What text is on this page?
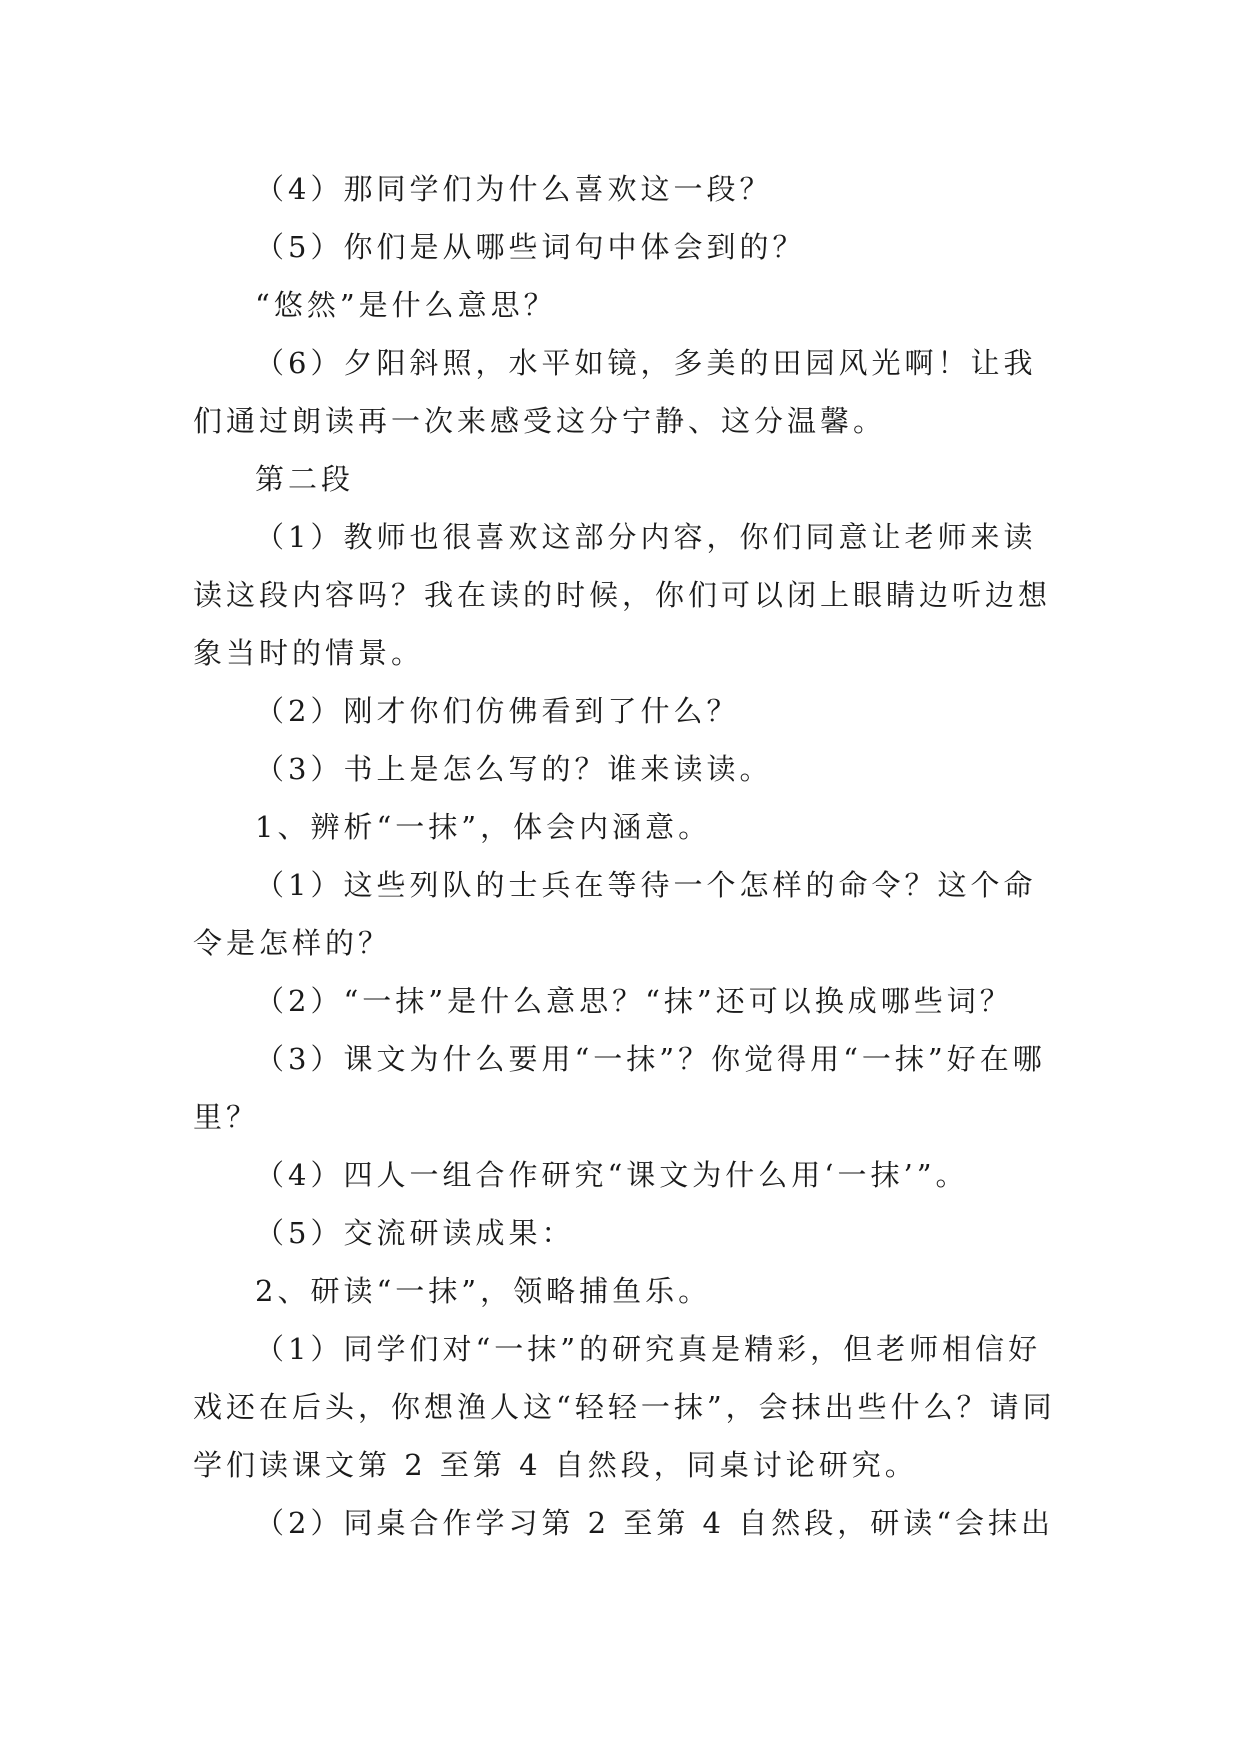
（4）那同学们为什么喜欢这一段？

（5）你们是从哪些词句中体会到的？

“悠然”是什么意思？

（6）夕阳斜照，水平如镜，多美的田园风光啊！让我们通过朗读再一次来感受这分宁静、这分温馨。

第二段

（1）教师也很喜欢这部分内容，你们同意让老师来读读这段内容吗？我在读的时候，你们可以闭上眼睛边听边想象当时的情景。

（2）刚才你们仿佛看到了什么？

（3）书上是怎么写的？谁来读读。

1、辨析“一抹”，体会内涵意。

（1）这些列队的士兵在等待一个怎样的命令？这个命令是怎样的？

（2）“一抹”是什么意思？“抹”还可以换成哪些词？

（3）课文为什么要用“一抹”？你觉得用“一抹”好在哪里？

（4）四人一组合作研究“课文为什么用‘一抹’”。

（5）交流研读成果：

2、研读“一抹”，领略捕鱼乐。

（1）同学们对“一抹”的研究真是精彩，但老师相信好戏还在后头，你想渔人这“轻轻一抹”，会抹出些什么？请同学们读课文第 2 至第 4 自然段，同桌讨论研究。

（2）同桌合作学习第 2 至第 4 自然段，研读“会抹出
